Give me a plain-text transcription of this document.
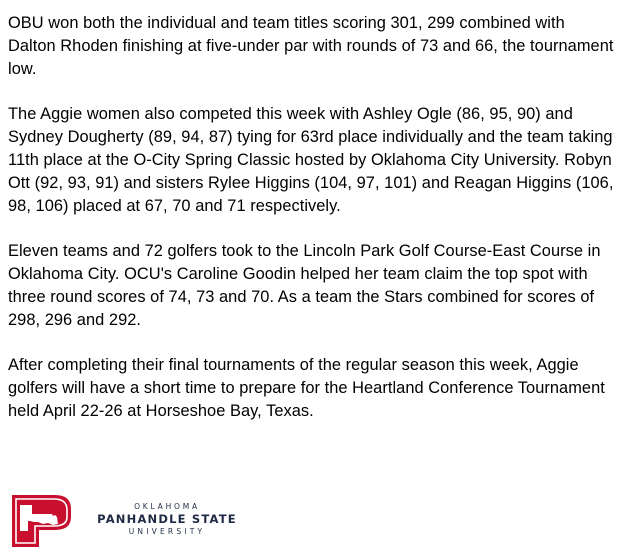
OBU won both the individual and team titles scoring 301, 299 combined with Dalton Rhoden finishing at five-under par with rounds of 73 and 66, the tournament low.

The Aggie women also competed this week with Ashley Ogle (86, 95, 90) and Sydney Dougherty (89, 94, 87) tying for 63rd place individually and the team taking 11th place at the O-City Spring Classic hosted by Oklahoma City University. Robyn Ott (92, 93, 91) and sisters Rylee Higgins (104, 97, 101) and Reagan Higgins (106, 98, 106) placed at 67, 70 and 71 respectively.

Eleven teams and 72 golfers took to the Lincoln Park Golf Course-East Course in Oklahoma City. OCU's Caroline Goodin helped her team claim the top spot with three round scores of 74, 73 and 70. As a team the Stars combined for scores of 298, 296 and 292.

After completing their final tournaments of the regular season this week, Aggie golfers will have a short time to prepare for the Heartland Conference Tournament held April 22-26 at Horseshoe Bay, Texas.

OKLAHOMA
PANHANDLE STATE
UNIVERSITY
